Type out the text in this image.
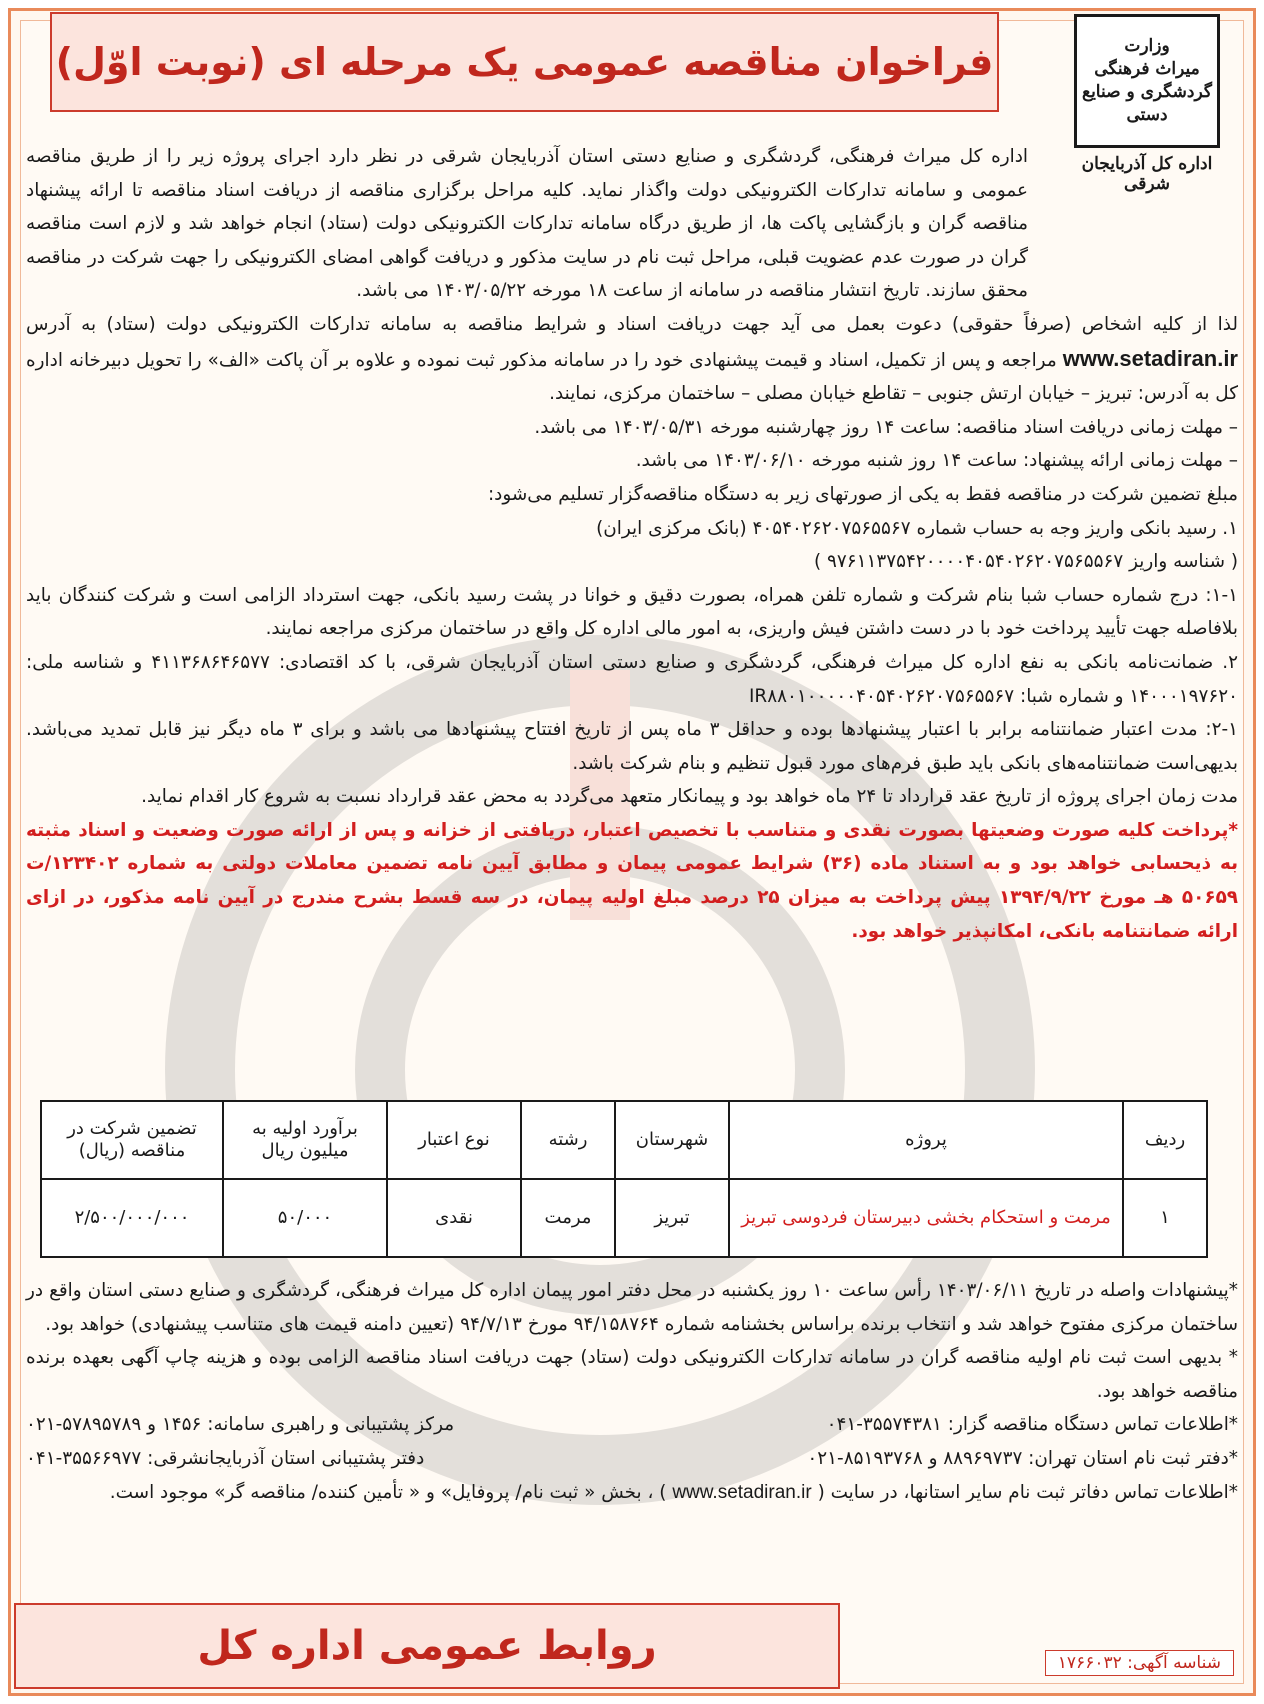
وزارت
میراث فرهنگی
گردشگری و صنایع دستی
اداره کل آذربایجان شرقی
فراخوان مناقصه عمومی یک مرحله ای (نوبت اوّل)

اداره کل میراث فرهنگی، گردشگری و صنایع دستی استان آذربایجان شرقی در نظر دارد اجرای پروژه زیر را از طریق مناقصه عمومی و سامانه تدارکات الکترونیکی دولت واگذار نماید. کلیه مراحل برگزاری مناقصه از دریافت اسناد مناقصه تا ارائه پیشنهاد مناقصه گران و بازگشایی پاکت ها، از طریق درگاه سامانه تدارکات الکترونیکی دولت (ستاد) انجام خواهد شد و لازم است مناقصه گران در صورت عدم عضویت قبلی، مراحل ثبت نام در سایت مذکور و دریافت گواهی امضای الکترونیکی را جهت شرکت در مناقصه محقق سازند. تاریخ انتشار مناقصه در سامانه از ساعت ۱۸ مورخه ۱۴۰۳/۰۵/۲۲ می باشد.

لذا از کلیه اشخاص (صرفاً حقوقی) دعوت بعمل می آید جهت دریافت اسناد و شرایط مناقصه به سامانه تدارکات الکترونیکی دولت (ستاد) به آدرس www.setadiran.ir مراجعه و پس از تکمیل، اسناد و قیمت پیشنهادی خود را در سامانه مذکور ثبت نموده و علاوه بر آن پاکت «الف» را تحویل دبیرخانه اداره کل به آدرس: تبریز – خیابان ارتش جنوبی – تقاطع خیابان مصلی – ساختمان مرکزی، نمایند.

– مهلت زمانی دریافت اسناد مناقصه: ساعت ۱۴ روز چهارشنبه مورخه ۱۴۰۳/۰۵/۳۱ می باشد.

– مهلت زمانی ارائه پیشنهاد: ساعت ۱۴ روز شنبه مورخه ۱۴۰۳/۰۶/۱۰ می باشد.

مبلغ تضمین شرکت در مناقصه فقط به یکی از صورتهای زیر به دستگاه مناقصه‌گزار تسلیم می‌شود:

۱. رسید بانکی واریز وجه به حساب شماره ۴۰۵۴۰۲۶۲۰۷۵۶۵۵۶۷ (بانک مرکزی ایران)

( شناسه واریز ۹۷۶۱۱۳۷۵۴۲۰۰۰۰۴۰۵۴۰۲۶۲۰۷۵۶۵۵۶۷ )

۱-۱: درج شماره حساب شبا بنام شرکت و شماره تلفن همراه، بصورت دقیق و خوانا در پشت رسید بانکی، جهت استرداد الزامی است و شرکت کنندگان باید بلافاصله جهت تأیید پرداخت خود با در دست داشتن فیش واریزی، به امور مالی اداره کل واقع در ساختمان مرکزی مراجعه نمایند.

۲. ضمانت‌نامه بانکی به نفع اداره کل میراث فرهنگی، گردشگری و صنایع دستی استان آذربایجان شرقی، با کد اقتصادی: ۴۱۱۳۶۸۶۴۶۵۷۷ و شناسه ملی: ۱۴۰۰۰۱۹۷۶۲۰ و شماره شبا: IR۸۸۰۱۰۰۰۰۰۴۰۵۴۰۲۶۲۰۷۵۶۵۵۶۷

۲-۱: مدت اعتبار ضمانتنامه برابر با اعتبار پیشنهادها بوده و حداقل ۳ ماه پس از تاریخ افتتاح پیشنهادها می باشد و برای ۳ ماه دیگر نیز قابل تمدید می‌باشد. بدیهی‌است ضمانتنامه‌های بانکی باید طبق فرم‌های مورد قبول تنظیم و بنام شرکت باشد.

مدت زمان اجرای پروژه از تاریخ عقد قرارداد تا ۲۴ ماه خواهد بود و پیمانکار متعهد می‌گردد به محض عقد قرارداد نسبت به شروع کار اقدام نماید.

*پرداخت کلیه صورت وضعیتها بصورت نقدی و متناسب با تخصیص اعتبار، دریافتی از خزانه و پس از ارائه صورت وضعیت و اسناد مثبته به ذیحسابی خواهد بود و به استناد ماده (۳۶) شرایط عمومی پیمان و مطابق آیین نامه تضمین معاملات دولتی به شماره ۱۲۳۴۰۲/ت ۵۰۶۵۹ هـ مورخ ۱۳۹۴/۹/۲۲ پیش پرداخت به میزان ۲۵ درصد مبلغ اولیه پیمان، در سه قسط بشرح مندرج در آیین نامه مذکور، در ازای ارائه ضمانتنامه بانکی، امکانپذیر خواهد بود.

ردیف	پروژه	شهرستان	رشته	نوع اعتبار	برآورد اولیه به میلیون ریال	تضمین شرکت در مناقصه (ریال)
۱	مرمت و استحکام بخشی دبیرستان فردوسی تبریز	تبریز	مرمت	نقدی	۵۰/۰۰۰	۲/۵۰۰/۰۰۰/۰۰۰

*پیشنهادات واصله در تاریخ ۱۴۰۳/۰۶/۱۱ رأس ساعت ۱۰ روز یکشنبه در محل دفتر امور پیمان اداره کل میراث فرهنگی، گردشگری و صنایع دستی استان واقع در ساختمان مرکزی مفتوح خواهد شد و انتخاب برنده براساس بخشنامه شماره ۹۴/۱۵۸۷۶۴ مورخ ۹۴/۷/۱۳ (تعیین دامنه قیمت های متناسب پیشنهادی) خواهد بود.

* بدیهی است ثبت نام اولیه مناقصه گران در سامانه تدارکات الکترونیکی دولت (ستاد) جهت دریافت اسناد مناقصه الزامی بوده و هزینه چاپ آگهی بعهده برنده مناقصه خواهد بود.

*اطلاعات تماس دستگاه مناقصه گزار: ۳۵۵۷۴۳۸۱-۰۴۱
مرکز پشتیبانی و راهبری سامانه: ۱۴۵۶ و ۵۷۸۹۵۷۸۹-۰۲۱
*دفتر ثبت نام استان تهران: ۸۸۹۶۹۷۳۷ و ۸۵۱۹۳۷۶۸-۰۲۱
دفتر پشتیبانی استان آذربایجانشرقی: ۳۵۵۶۶۹۷۷-۰۴۱

*اطلاعات تماس دفاتر ثبت نام سایر استانها، در سایت ( www.setadiran.ir ) ، بخش « ثبت نام/ پروفایل» و « تأمین کننده/ مناقصه گر» موجود است.

روابط عمومی اداره کل	شناسه آگهی: ۱۷۶۶۰۳۲
